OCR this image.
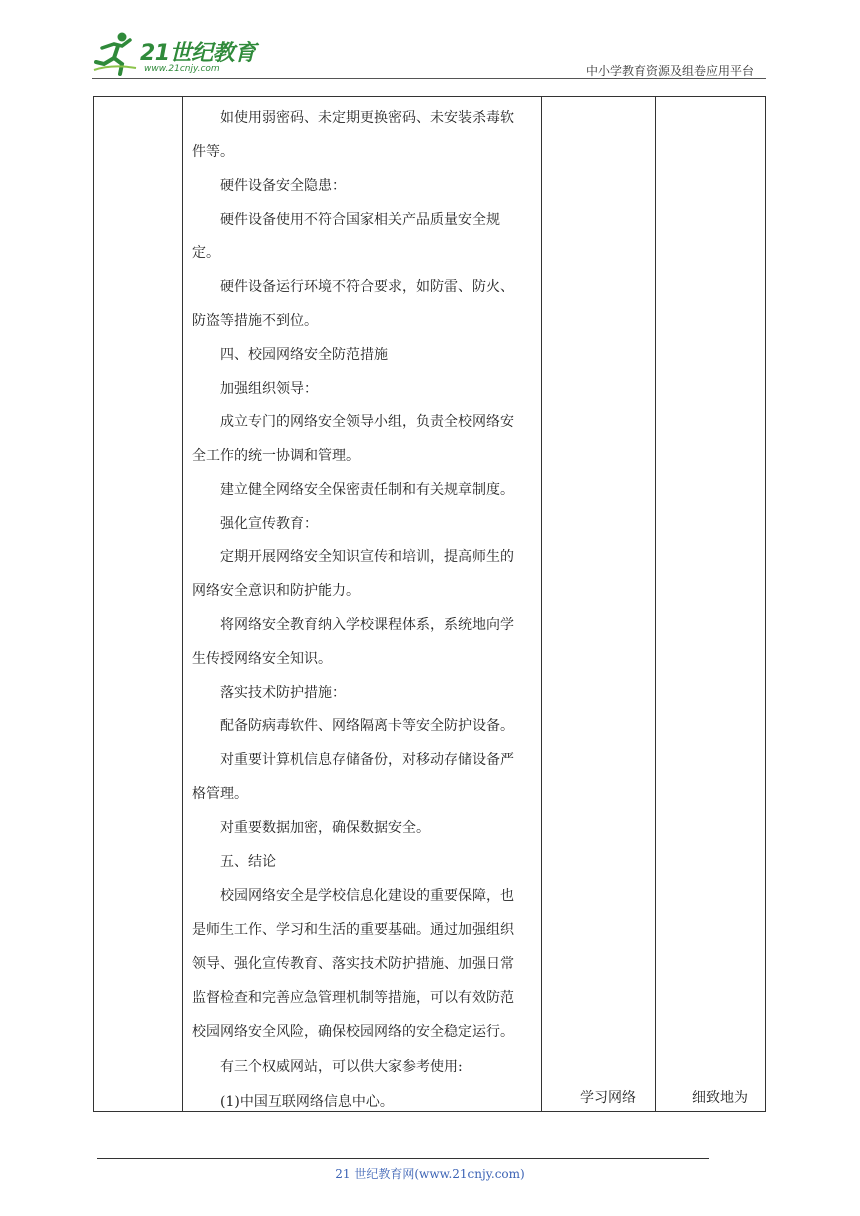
21世纪教育
www.21cnjy.com	中小学教育资源及组卷应用平台
　　如使用弱密码、未定期更换密码、未安装杀毒软
件等。
　　硬件设备安全隐患：
　　硬件设备使用不符合国家相关产品质量安全规
定。
　　硬件设备运行环境不符合要求，如防雷、防火、
防盗等措施不到位。
　　四、校园网络安全防范措施
　　加强组织领导：
　　成立专门的网络安全领导小组，负责全校网络安
全工作的统一协调和管理。
　　建立健全网络安全保密责任制和有关规章制度。
　　强化宣传教育：
　　定期开展网络安全知识宣传和培训，提高师生的
网络安全意识和防护能力。
　　将网络安全教育纳入学校课程体系，系统地向学
生传授网络安全知识。
　　落实技术防护措施：
　　配备防病毒软件、网络隔离卡等安全防护设备。
　　对重要计算机信息存储备份，对移动存储设备严
格管理。
　　对重要数据加密，确保数据安全。
　　五、结论
　　校园网络安全是学校信息化建设的重要保障，也
是师生工作、学习和生活的重要基础。通过加强组织
领导、强化宣传教育、落实技术防护措施、加强日常
监督检查和完善应急管理机制等措施，可以有效防范
校园网络安全风险，确保校园网络的安全稳定运行。
　　有三个权威网站，可以供大家参考使用:
　　(1)中国互联网络信息中心。	学习网络	细致地为
21 世纪教育网(www.21cnjy.com)
